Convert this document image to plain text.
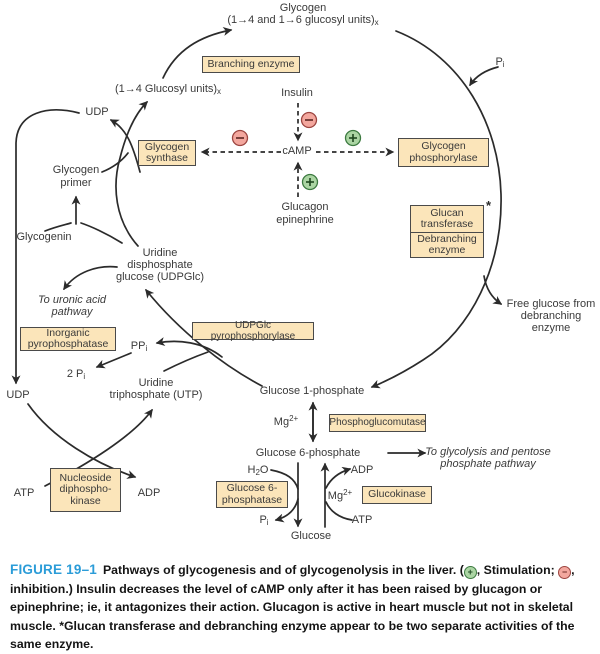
Glycogen
(1→4 and 1→6 glucosyl $units)_x$
(1→4 Glucosyl $units)_x$	Insulin
UDP
cAMP
Glucagon
epinephrine
Glycogen
primer
Glycogenin
$P_i$
Free glucose from
debranching
enzyme
Uridine
disphosphate
glucose (UDPGlc)
To uronic acid
pathway
$PP_i$
2 $P_i$
UDP
Uridine
triphosphate (UTP)	Glucose 1-phosphate
$Mg^{2+}$
Glucose 6-phosphate	To glycolysis and pentose
phosphate pathway
$H_2O$	ADP
$Mg^{2+}$
$P_i$	ATP
Glucose
ATP	ADP
*
Branching enzyme
Glycogen
synthase
Glycogen
phosphorylase
Glucan
transferase
Debranching
enzyme
Inorganic
pyrophosphatase
UDPGlc pyrophosphorylase
Phosphoglucomutase
Glucose 6-
phosphatase	Glucokinase
Nucleoside
diphospho-
kinase

FIGURE 19–1 Pathways of glycogenesis and of glycogenolysis in the liver. ( + , Stimulation; − , inhibition.) Insulin decreases the level of cAMP only after it has been raised by glucagon or epinephrine; ie, it antagonizes their action. Glucagon is active in heart muscle but not in skeletal muscle. *Glucan transferase and debranching enzyme appear to be two separate activities of the same enzyme.
